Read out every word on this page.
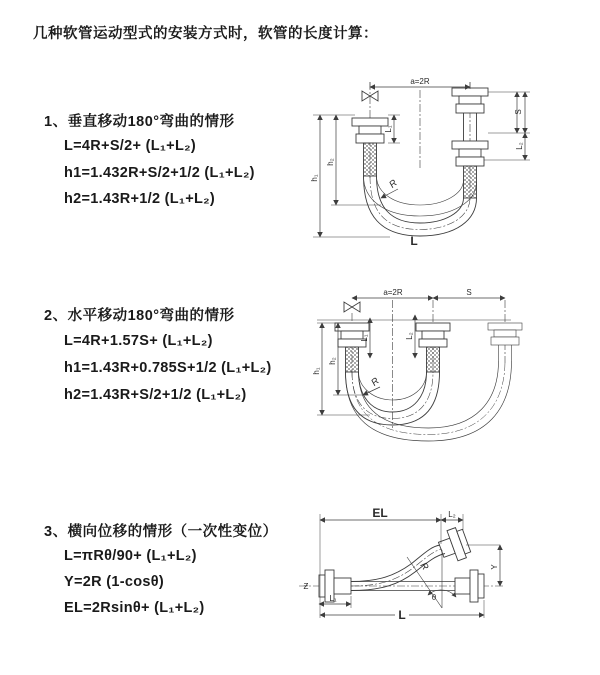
几种软管运动型式的安装方式时，软管的长度计算：
1、垂直移动180°弯曲的情形
L=4R+S/2+ (L₁+L₂)
h1=1.432R+S/2+1/2 (L₁+L₂)
h2=1.43R+1/2 (L₁+L₂)
2、水平移动180°弯曲的情形
L=4R+1.57S+ (L₁+L₂)
h1=1.43R+0.785S+1/2 (L₁+L₂)
h2=1.43R+S/2+1/2 (L₁+L₂)
3、横向位移的情形（一次性变位）
L=πRθ/90+ (L₁+L₂)
Y=2R (1-cosθ)
EL=2Rsinθ+ (L₁+L₂)
a=2R
L₁
S
L₂
h₁
h₂
R
L
a=2R	S
L₁	L₂
h₁
h₂
R
EL	L₂
Y
R
θ
L
L₁
Ƶ
